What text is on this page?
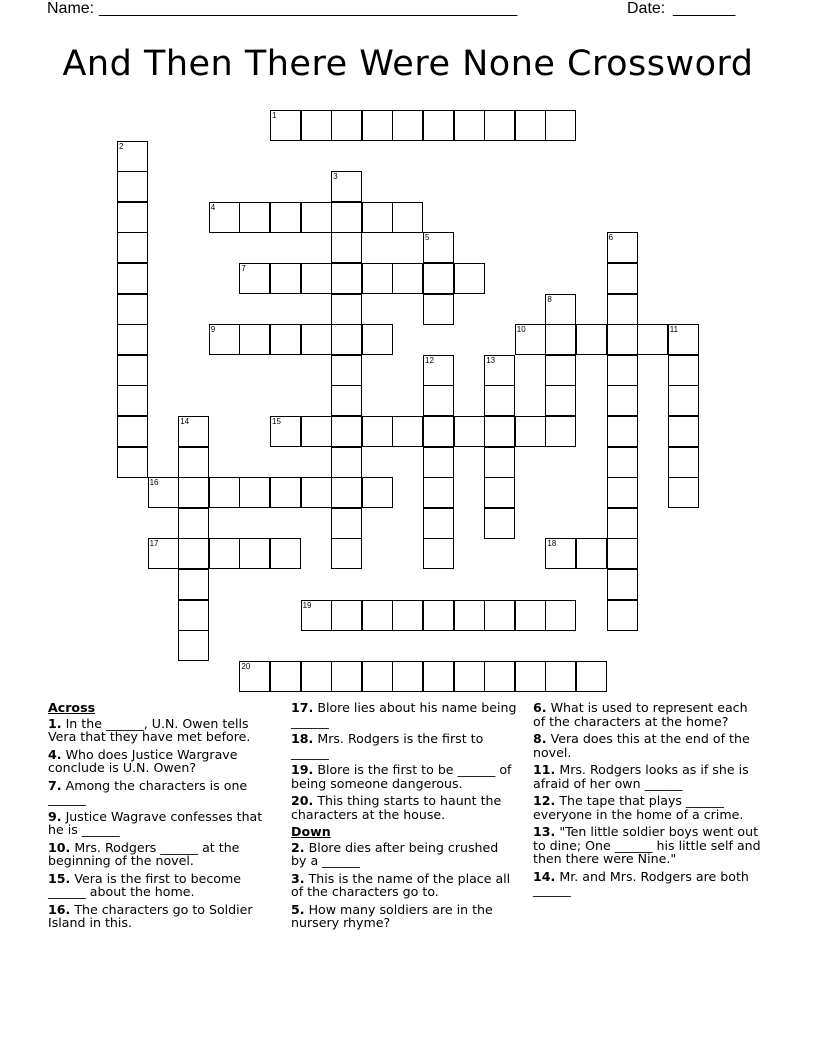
Name: _______________________________________________	Date: _______
And Then There Were None Crossword
1
2
3
4
5	6
7
8
9	10	11
12	13
14	15
16
17	18
19
20
Across
1. In the ______, U.N. Owen tells Vera that they have met before.
4. Who does Justice Wargrave conclude is U.N. Owen?
7. Among the characters is one ______
9. Justice Wagrave confesses that he is ______
10. Mrs. Rodgers ______ at the beginning of the novel.
15. Vera is the first to become ______ about the home.
16. The characters go to Soldier Island in this.
17. Blore lies about his name being ______
18. Mrs. Rodgers is the first to ______
19. Blore is the first to be ______ of being someone dangerous.
20. This thing starts to haunt the characters at the house.
Down
2. Blore dies after being crushed by a ______
3. This is the name of the place all of the characters go to.
5. How many soldiers are in the nursery rhyme?
6. What is used to represent each of the characters at the home?
8. Vera does this at the end of the novel.
11. Mrs. Rodgers looks as if she is afraid of her own ______
12. The tape that plays ______ everyone in the home of a crime.
13. "Ten little soldier boys went out to dine; One ______ his little self and then there were Nine."
14. Mr. and Mrs. Rodgers are both ______
